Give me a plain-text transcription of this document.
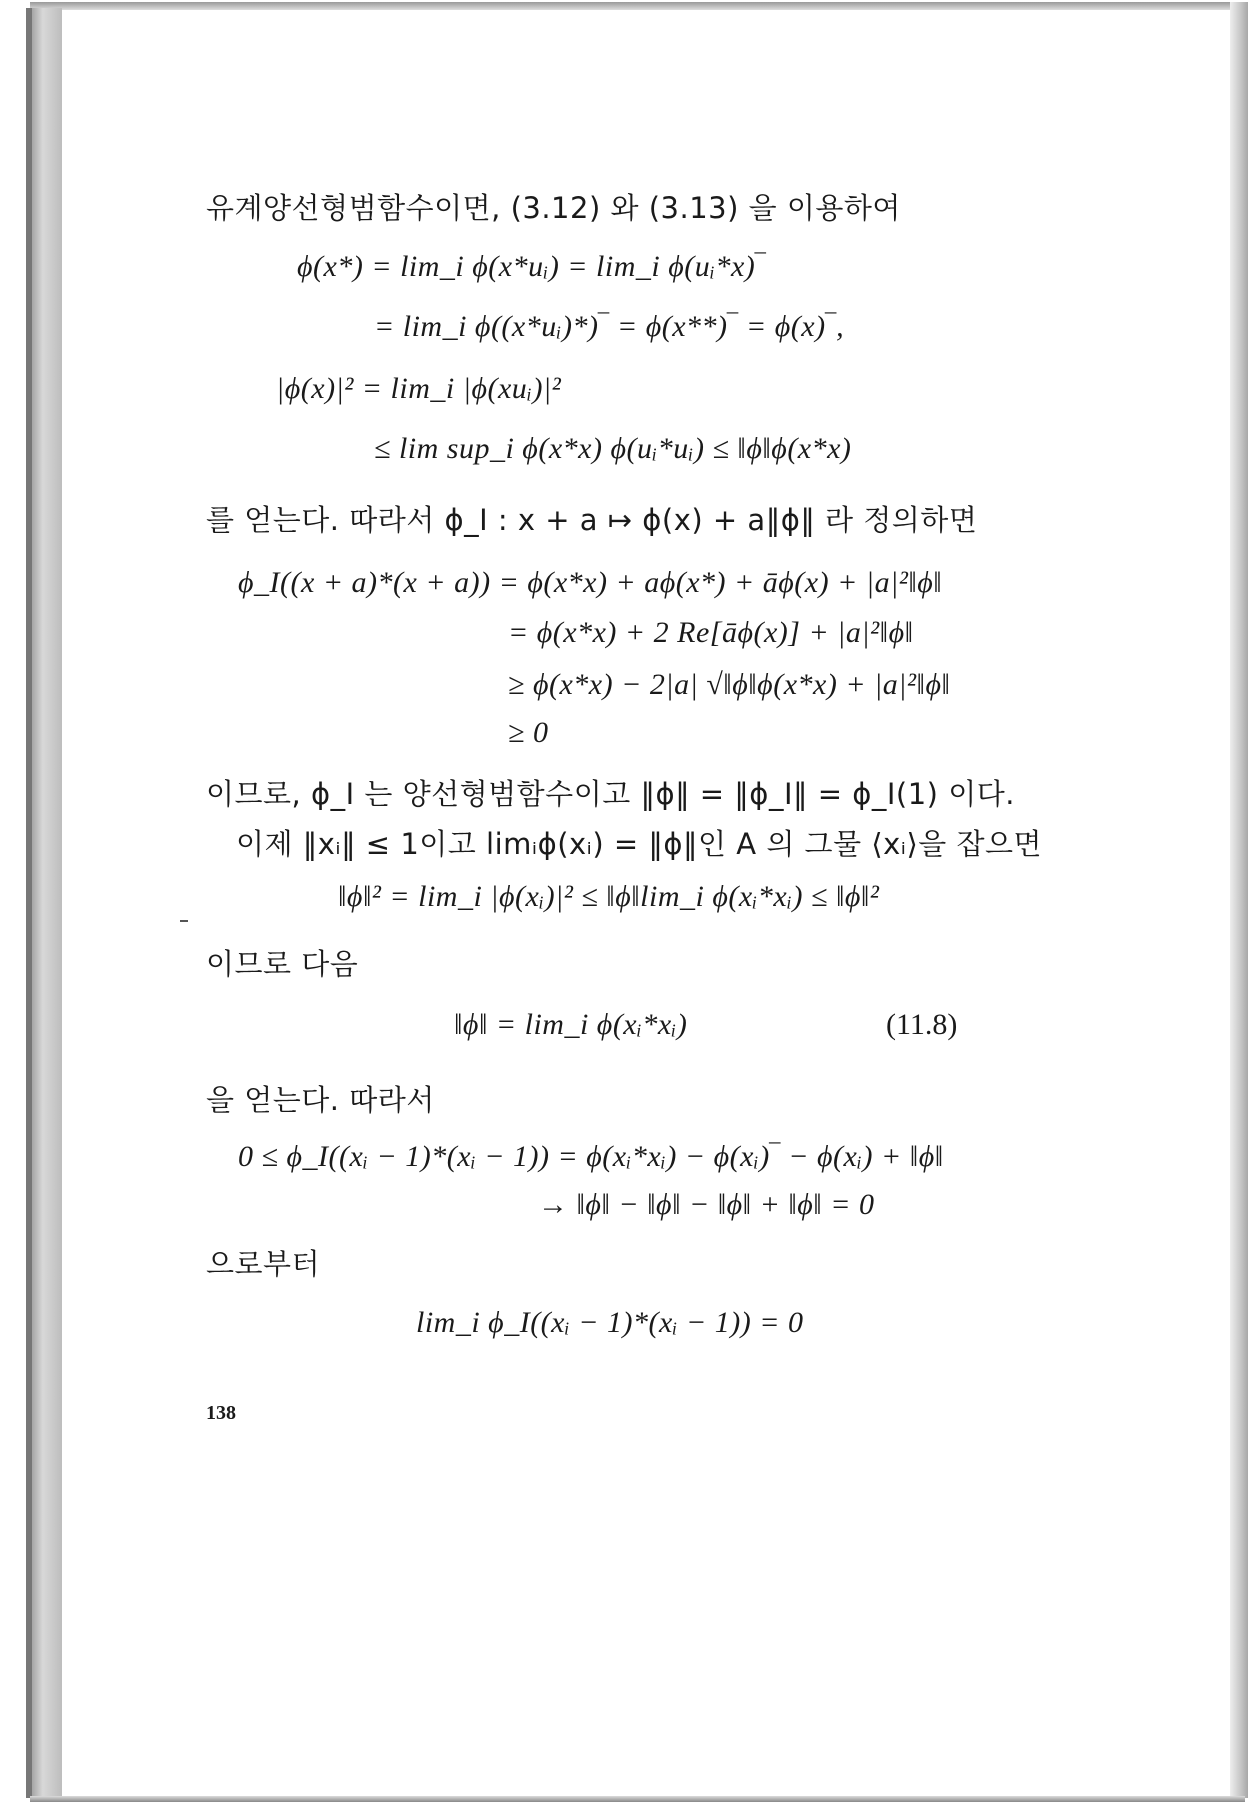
유계양선형범함수이면, (3.12) 와 (3.13) 을 이용하여
ϕ(x*) = lim_i ϕ(x*uᵢ) = lim_i ϕ(uᵢ*x)‾
= lim_i ϕ((x*uᵢ)*)‾ = ϕ(x**)‾ = ϕ(x)‾,
|ϕ(x)|² = lim_i |ϕ(xuᵢ)|²
≤ lim sup_i ϕ(x*x) ϕ(uᵢ*uᵢ) ≤ ‖ϕ‖ϕ(x*x)
를 얻는다. 따라서 ϕ_I : x + a ↦ ϕ(x) + a‖ϕ‖ 라 정의하면
ϕ_I((x + a)*(x + a)) = ϕ(x*x) + aϕ(x*) + āϕ(x) + |a|²‖ϕ‖
= ϕ(x*x) + 2 Re[āϕ(x)] + |a|²‖ϕ‖
≥ ϕ(x*x) − 2|a| √‖ϕ‖ϕ(x*x) + |a|²‖ϕ‖
≥ 0
이므로, ϕ_I 는 양선형범함수이고 ‖ϕ‖ = ‖ϕ_I‖ = ϕ_I(1) 이다.
이제 ‖xᵢ‖ ≤ 1이고 limᵢϕ(xᵢ) = ‖ϕ‖인 A 의 그물 ⟨xᵢ⟩을 잡으면
‖ϕ‖² = lim_i |ϕ(xᵢ)|² ≤ ‖ϕ‖lim_i ϕ(xᵢ*xᵢ) ≤ ‖ϕ‖²
이므로 다음
‖ϕ‖ = lim_i ϕ(xᵢ*xᵢ)	(11.8)
을 얻는다. 따라서
0 ≤ ϕ_I((xᵢ − 1)*(xᵢ − 1)) = ϕ(xᵢ*xᵢ) − ϕ(xᵢ)‾ − ϕ(xᵢ) + ‖ϕ‖
→ ‖ϕ‖ − ‖ϕ‖ − ‖ϕ‖ + ‖ϕ‖ = 0
으로부터
lim_i ϕ_I((xᵢ − 1)*(xᵢ − 1)) = 0
138
